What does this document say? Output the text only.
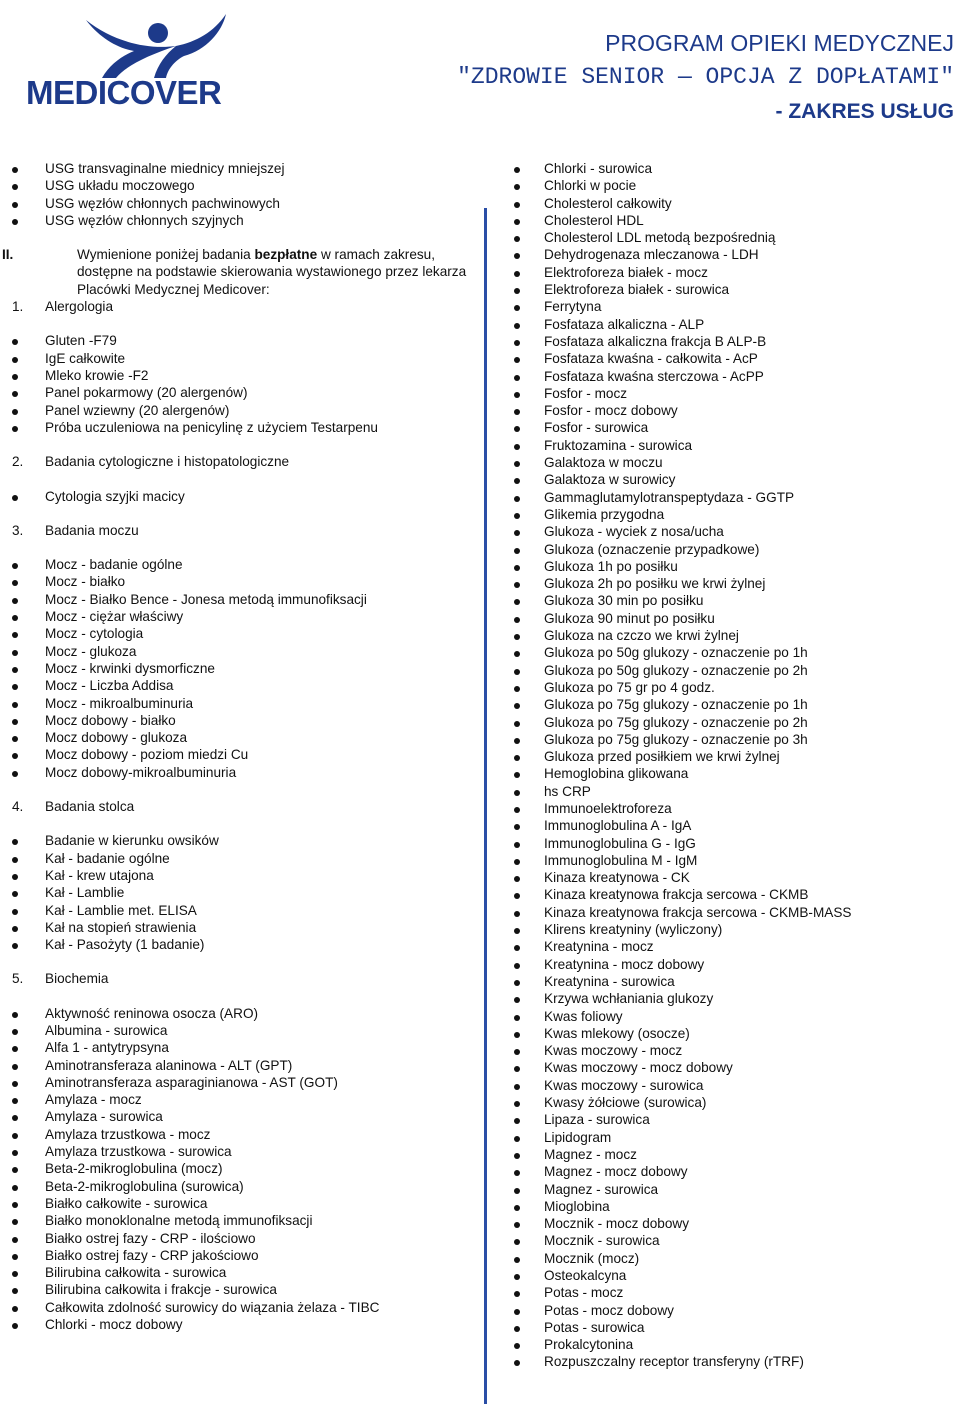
MEDICOVER
PROGRAM OPIEKI MEDYCZNEJ
"ZDROWIE SENIOR — OPCJA Z DOPŁATAMI"
- ZAKRES USŁUG
USG transvaginalne miednicy mniejszej
USG układu moczowego
USG węzłów chłonnych pachwinowych
USG węzłów chłonnych szyjnych
II.	Wymienione poniżej badania bezpłatne w ramach zakresu, dostępne na podstawie skierowania wystawionego przez lekarza Placówki Medycznej Medicover:
1. Alergologia
Gluten -F79
IgE całkowite
Mleko krowie -F2
Panel pokarmowy (20 alergenów)
Panel wziewny (20 alergenów)
Próba uczuleniowa na penicylinę z użyciem Testarpenu
2. Badania cytologiczne i histopatologiczne
Cytologia szyjki macicy
3. Badania moczu
Mocz - badanie ogólne
Mocz - białko
Mocz - Białko Bence - Jonesa metodą immunofiksacji
Mocz - ciężar właściwy
Mocz - cytologia
Mocz - glukoza
Mocz - krwinki dysmorficzne
Mocz - Liczba Addisa
Mocz - mikroalbuminuria
Mocz dobowy - białko
Mocz dobowy - glukoza
Mocz dobowy - poziom miedzi Cu
Mocz dobowy-mikroalbuminuria
4. Badania stolca
Badanie w kierunku owsików
Kał - badanie ogólne
Kał - krew utajona
Kał - Lamblie
Kał - Lamblie met. ELISA
Kał na stopień strawienia
Kał - Pasożyty (1 badanie)
5. Biochemia
Aktywność reninowa osocza (ARO)
Albumina - surowica
Alfa 1 - antytrypsyna
Aminotransferaza alaninowa - ALT (GPT)
Aminotransferaza asparaginianowa - AST (GOT)
Amylaza - mocz
Amylaza - surowica
Amylaza trzustkowa - mocz
Amylaza trzustkowa - surowica
Beta-2-mikroglobulina (mocz)
Beta-2-mikroglobulina (surowica)
Białko całkowite - surowica
Białko monoklonalne metodą immunofiksacji
Białko ostrej fazy - CRP - ilościowo
Białko ostrej fazy - CRP jakościowo
Bilirubina całkowita - surowica
Bilirubina całkowita i frakcje - surowica
Całkowita zdolność surowicy do wiązania żelaza - TIBC
Chlorki - mocz dobowy
Chlorki - surowica
Chlorki w pocie
Cholesterol całkowity
Cholesterol HDL
Cholesterol LDL metodą bezpośrednią
Dehydrogenaza mleczanowa - LDH
Elektroforeza białek - mocz
Elektroforeza białek - surowica
Ferrytyna
Fosfataza alkaliczna - ALP
Fosfataza alkaliczna frakcja B ALP-B
Fosfataza kwaśna - całkowita - AcP
Fosfataza kwaśna sterczowa - AcPP
Fosfor - mocz
Fosfor - mocz dobowy
Fosfor - surowica
Fruktozamina - surowica
Galaktoza w moczu
Galaktoza w surowicy
Gammaglutamylotranspeptydaza - GGTP
Glikemia przygodna
Glukoza - wyciek z nosa/ucha
Glukoza (oznaczenie przypadkowe)
Glukoza 1h po posiłku
Glukoza 2h po posiłku we krwi żylnej
Glukoza 30 min po posiłku
Glukoza 90 minut po posiłku
Glukoza na czczo we krwi żylnej
Glukoza po 50g glukozy - oznaczenie po 1h
Glukoza po 50g glukozy - oznaczenie po 2h
Glukoza po 75 gr po 4 godz.
Glukoza po 75g glukozy - oznaczenie po 1h
Glukoza po 75g glukozy - oznaczenie po 2h
Glukoza po 75g glukozy - oznaczenie po 3h
Glukoza przed posiłkiem we krwi żylnej
Hemoglobina glikowana
hs CRP
Immunoelektroforeza
Immunoglobulina A - IgA
Immunoglobulina G - IgG
Immunoglobulina M - IgM
Kinaza kreatynowa - CK
Kinaza kreatynowa frakcja sercowa - CKMB
Kinaza kreatynowa frakcja sercowa - CKMB-MASS
Klirens kreatyniny (wyliczony)
Kreatynina - mocz
Kreatynina - mocz dobowy
Kreatynina - surowica
Krzywa wchłaniania glukozy
Kwas foliowy
Kwas mlekowy (osocze)
Kwas moczowy - mocz
Kwas moczowy - mocz dobowy
Kwas moczowy - surowica
Kwasy żółciowe (surowica)
Lipaza - surowica
Lipidogram
Magnez - mocz
Magnez - mocz dobowy
Magnez - surowica
Mioglobina
Mocznik - mocz dobowy
Mocznik - surowica
Mocznik (mocz)
Osteokalcyna
Potas - mocz
Potas - mocz dobowy
Potas - surowica
Prokalcytonina
Rozpuszczalny receptor transferyny (rTRF)
